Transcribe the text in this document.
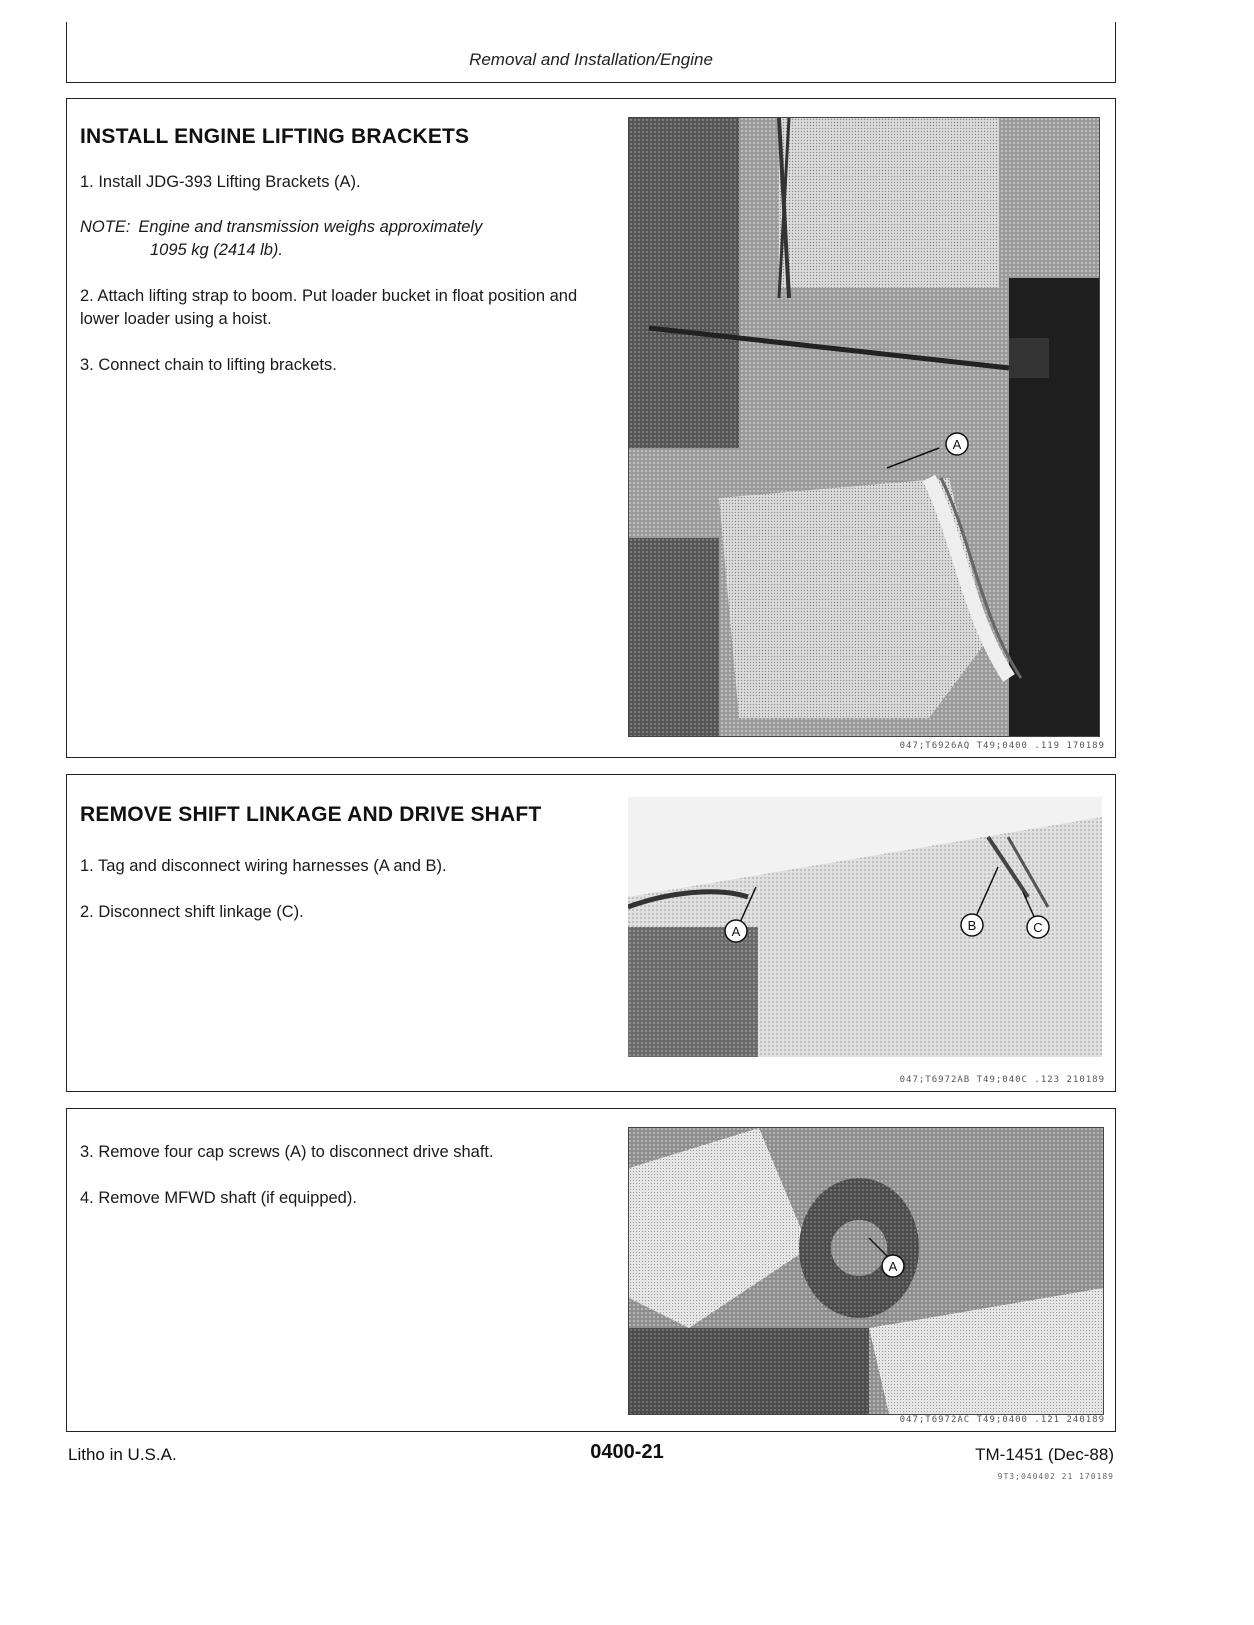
Removal and Installation/Engine
INSTALL ENGINE LIFTING BRACKETS
1. Install JDG-393 Lifting Brackets (A).
NOTE: Engine and transmission weighs approximately
1095 kg (2414 lb).
2. Attach lifting strap to boom. Put loader bucket in float position and lower loader using a hoist.
3. Connect chain to lifting brackets.
A
047;T6926AQ T49;0400 .119 170189
REMOVE SHIFT LINKAGE AND DRIVE SHAFT
1. Tag and disconnect wiring harnesses (A and B).
2. Disconnect shift linkage (C).
A	B	C
047;T6972AB T49;040C .123 210189
3. Remove four cap screws (A) to disconnect drive shaft.
4. Remove MFWD shaft (if equipped).
A
047;T6972AC T49;0400 .121 240189
Litho in U.S.A.	0400-21	TM-1451 (Dec-88)
9T3;040402 21 170189
